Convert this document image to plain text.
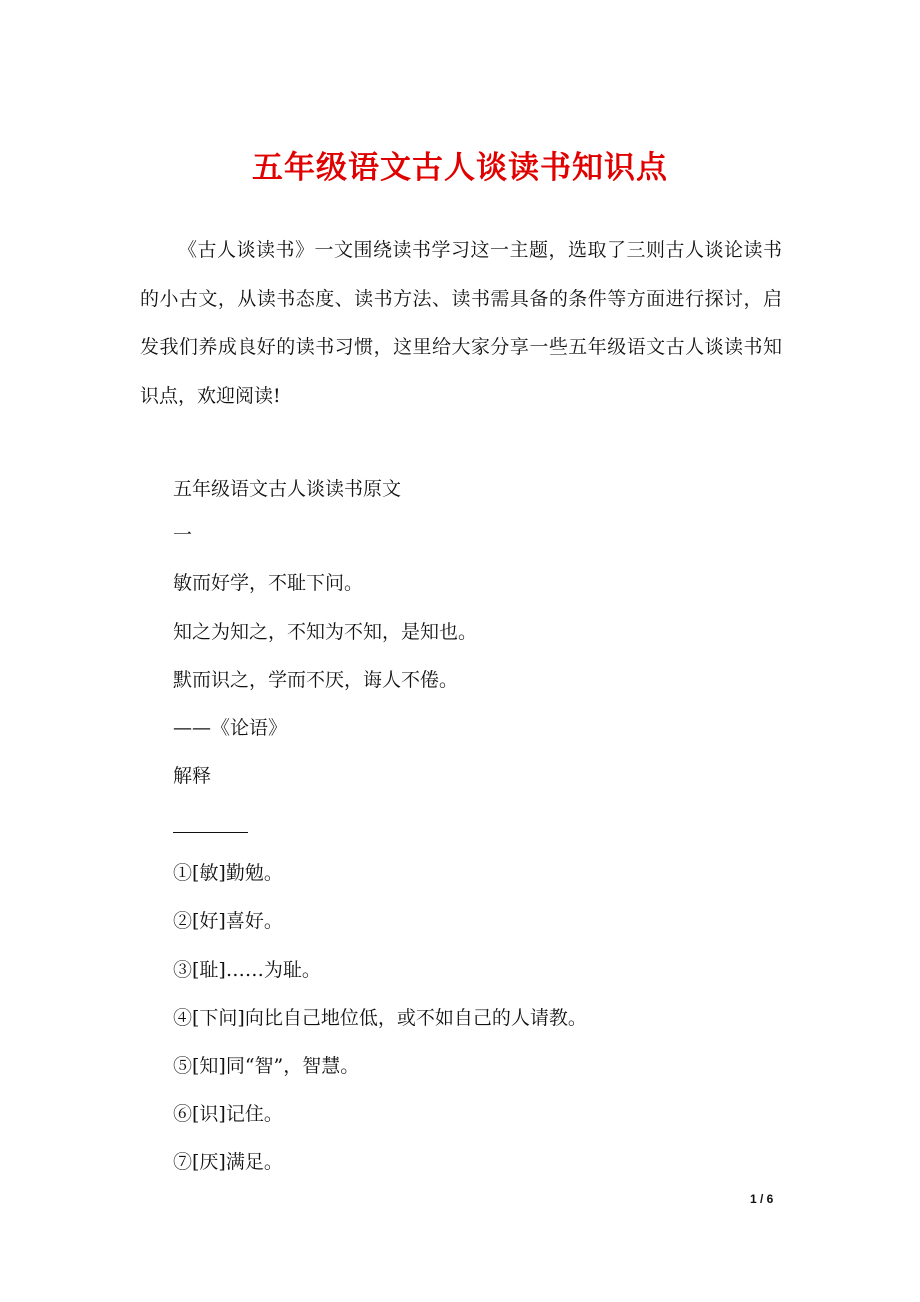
五年级语文古人谈读书知识点

《古人谈读书》一文围绕读书学习这一主题，选取了三则古人谈论读书的小古文，从读书态度、读书方法、读书需具备的条件等方面进行探讨，启发我们养成良好的读书习惯，这里给大家分享一些五年级语文古人谈读书知识点，欢迎阅读!

五年级语文古人谈读书原文
一
敏而好学，不耻下问。
知之为知之，不知为不知，是知也。
默而识之，学而不厌，诲人不倦。
——《论语》
解释
①[敏]勤勉。
②[好]喜好。
③[耻]……为耻。
④[下问]向比自己地位低，或不如自己的人请教。
⑤[知]同“智”，智慧。
⑥[识]记住。
⑦[厌]满足。
1 / 6
